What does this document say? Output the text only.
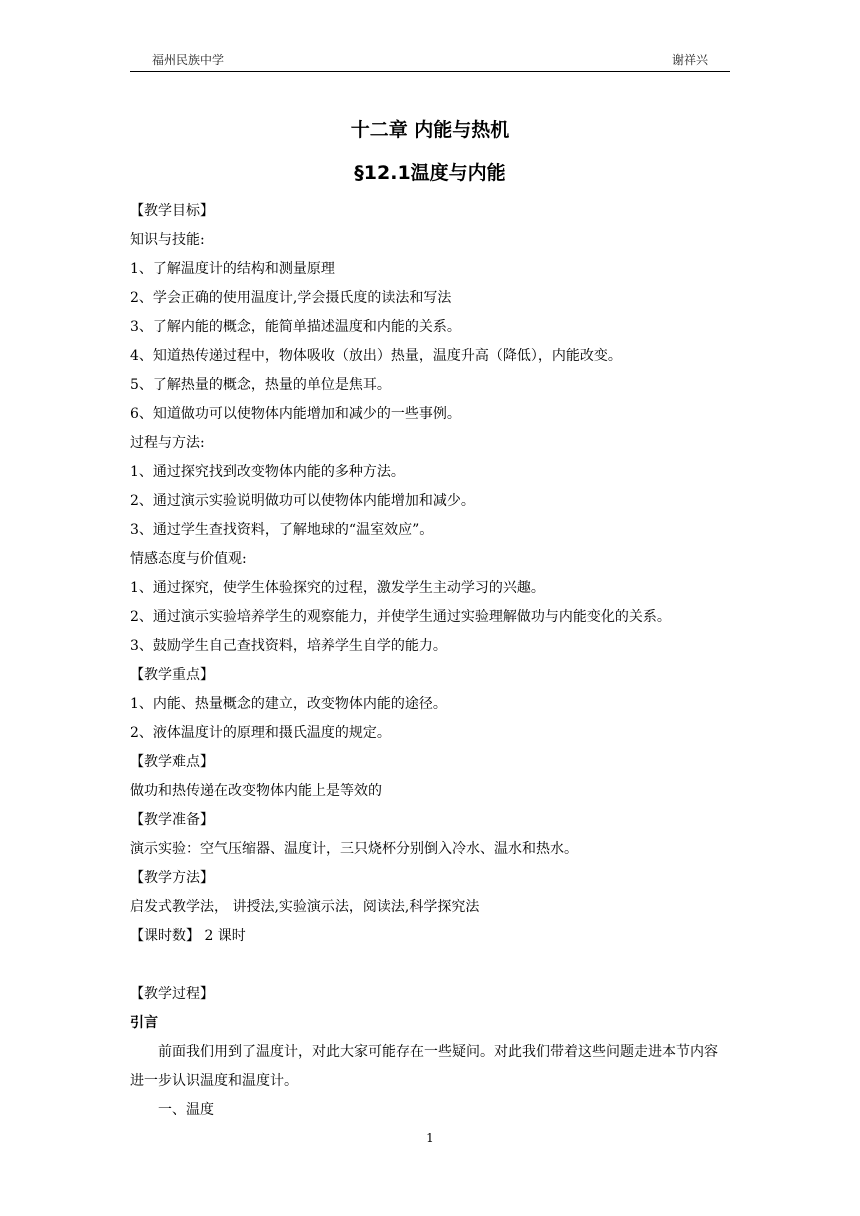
福州民族中学	谢祥兴
十二章 内能与热机
§12.1温度与内能
【教学目标】
知识与技能:
1、了解温度计的结构和测量原理
2、学会正确的使用温度计,学会摄氏度的读法和写法
3、了解内能的概念，能简单描述温度和内能的关系。
4、知道热传递过程中，物体吸收（放出）热量，温度升高（降低），内能改变。
5、了解热量的概念，热量的单位是焦耳。
6、知道做功可以使物体内能增加和减少的一些事例。
过程与方法:
1、通过探究找到改变物体内能的多种方法。
2、通过演示实验说明做功可以使物体内能增加和减少。
3、通过学生查找资料，了解地球的“温室效应”。
情感态度与价值观:
1、通过探究，使学生体验探究的过程，激发学生主动学习的兴趣。
2、通过演示实验培养学生的观察能力，并使学生通过实验理解做功与内能变化的关系。
3、鼓励学生自己查找资料，培养学生自学的能力。
【教学重点】
1、内能、热量概念的建立，改变物体内能的途径。
2、液体温度计的原理和摄氏温度的规定。
【教学难点】
做功和热传递在改变物体内能上是等效的
【教学准备】
演示实验：空气压缩器、温度计，三只烧杯分别倒入冷水、温水和热水。
【教学方法】
启发式教学法， 讲授法,实验演示法，阅读法,科学探究法
【课时数】 2 课时
【教学过程】
引言
前面我们用到了温度计，对此大家可能存在一些疑问。对此我们带着这些问题走进本节内容进一步认识温度和温度计。
一、温度
1
